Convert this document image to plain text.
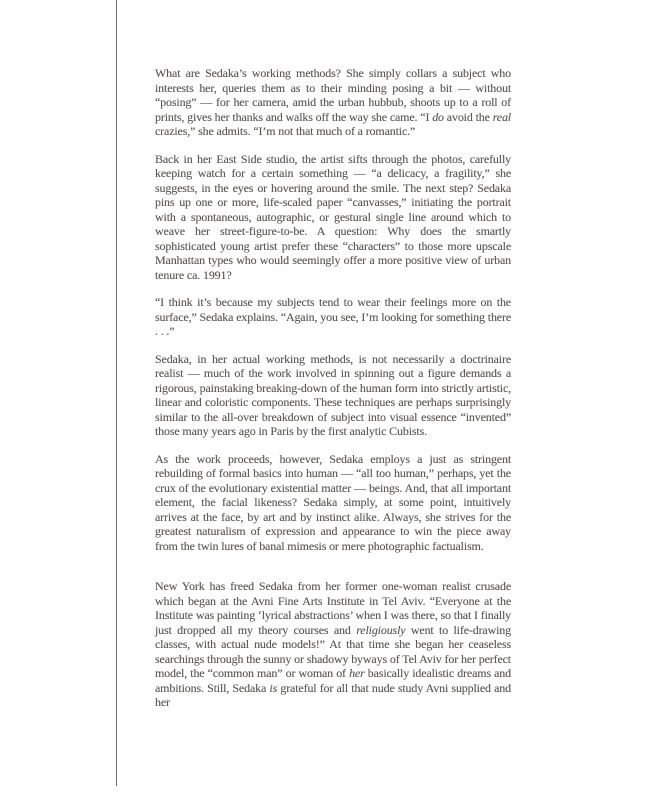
What are Sedaka’s working methods? She simply collars a subject who interests her, queries them as to their minding posing a bit — without “posing” — for her camera, amid the urban hubbub, shoots up to a roll of prints, gives her thanks and walks off the way she came. “I do avoid the real crazies,” she admits. “I’m not that much of a romantic.”

Back in her East Side studio, the artist sifts through the photos, carefully keeping watch for a certain something — “a delicacy, a fragility,” she suggests, in the eyes or hovering around the smile. The next step? Sedaka pins up one or more, life-scaled paper “canvasses,” initiating the portrait with a spontaneous, autographic, or gestural single line around which to weave her street-figure-to-be. A question: Why does the smartly sophisticated young artist prefer these “characters” to those more upscale Manhattan types who would seemingly offer a more positive view of urban tenure ca. 1991?

“I think it’s because my subjects tend to wear their feelings more on the surface,” Sedaka explains. “Again, you see, I’m looking for something there . . .”

Sedaka, in her actual working methods, is not necessarily a doctrinaire realist — much of the work involved in spinning out a figure demands a rigorous, painstaking breaking-down of the human form into strictly artistic, linear and coloristic components. These techniques are perhaps surprisingly similar to the all-over breakdown of subject into visual essence “invented” those many years ago in Paris by the first analytic Cubists.

As the work proceeds, however, Sedaka employs a just as stringent rebuilding of formal basics into human — “all too human,” perhaps, yet the crux of the evolutionary existential matter — beings. And, that all important element, the facial likeness? Sedaka simply, at some point, intuitively arrives at the face, by art and by instinct alike. Always, she strives for the greatest naturalism of expression and appearance to win the piece away from the twin lures of banal mimesis or mere photographic factualism.

New York has freed Sedaka from her former one-woman realist crusade which began at the Avni Fine Arts Institute in Tel Aviv. “Everyone at the Institute was painting ‘lyrical abstractions’ when I was there, so that I finally just dropped all my theory courses and religiously went to life-drawing classes, with actual nude models!” At that time she began her ceaseless searchings through the sunny or shadowy byways of Tel Aviv for her perfect model, the “common man” or woman of her basically idealistic dreams and ambitions. Still, Sedaka is grateful for all that nude study Avni supplied and her
